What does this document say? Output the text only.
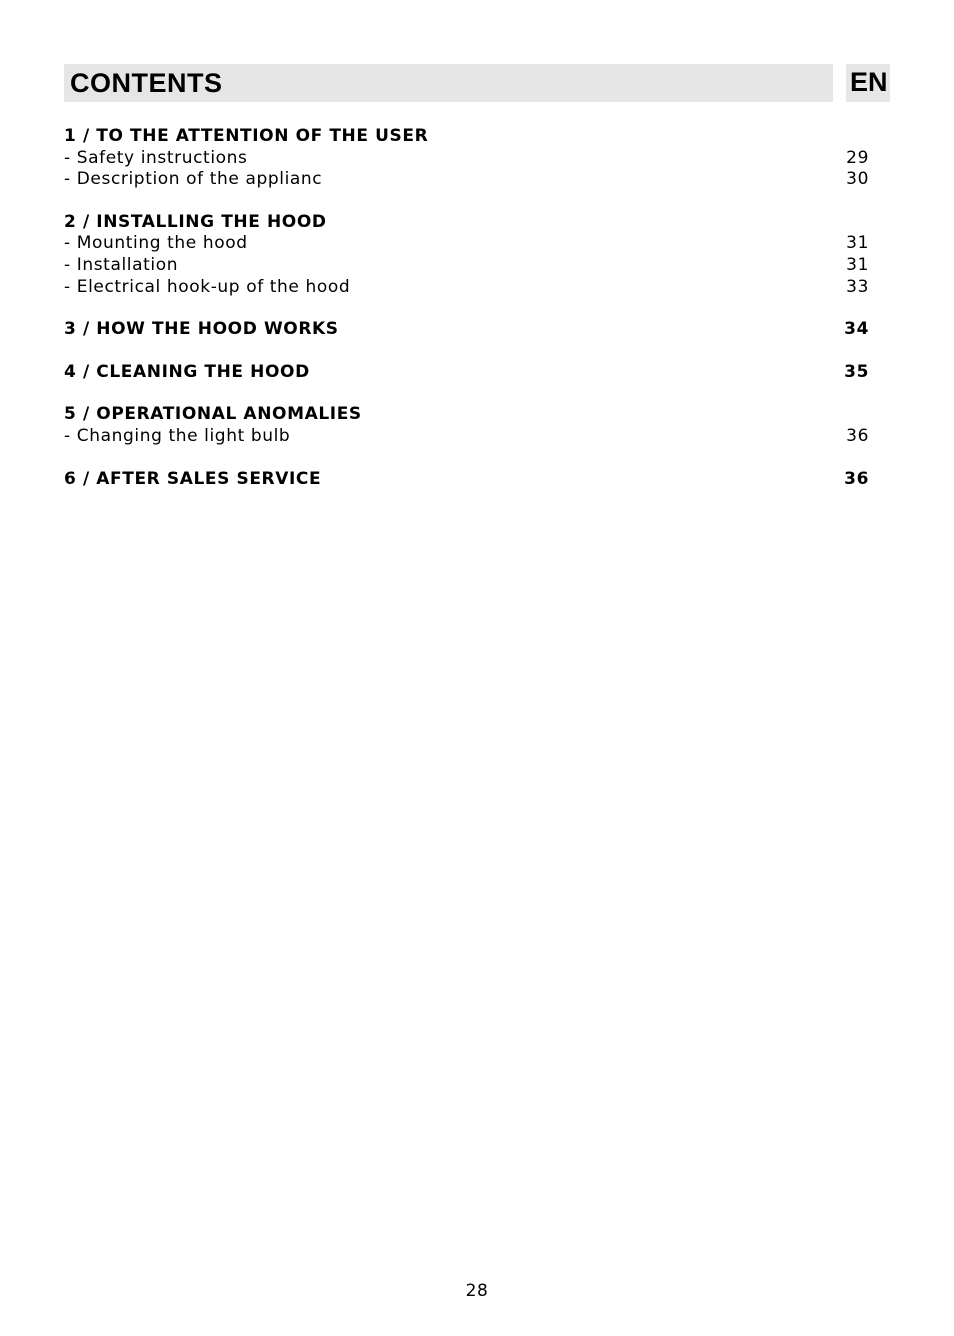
CONTENTS	EN
1 / TO THE ATTENTION OF THE USER
- Safety instructions	29
- Description of the applianc	30
2 / INSTALLING THE HOOD
- Mounting the hood	31
- Installation	31
- Electrical hook-up of the hood	33
3 / HOW THE HOOD WORKS	34
4 / CLEANING THE HOOD	35
5 / OPERATIONAL ANOMALIES
- Changing the light bulb	36
6 / AFTER SALES SERVICE	36
28
